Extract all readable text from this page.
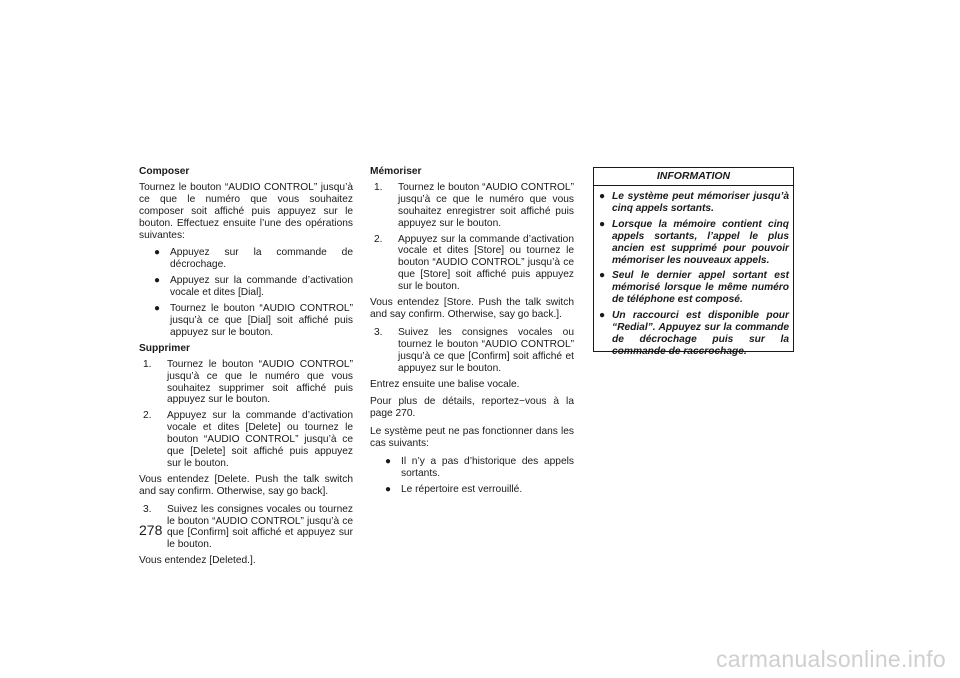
Composer

Tournez le bouton “AUDIO CONTROL” jusqu’à ce que le numéro que vous souhaitez composer soit affiché puis appuyez sur le bouton. Effectuez ensuite l’une des opérations suivantes:

● Appuyez sur la commande de décrochage.
● Appuyez sur la commande d’activation vocale et dites [Dial].
● Tournez le bouton “AUDIO CONTROL” jusqu’à ce que [Dial] soit affiché puis appuyez sur le bouton.
Supprimer
1. Tournez le bouton “AUDIO CONTROL” jusqu’à ce que le numéro que vous souhaitez supprimer soit affiché puis appuyez sur le bouton.
2. Appuyez sur la commande d’activation vocale et dites [Delete] ou tournez le bouton “AUDIO CONTROL” jusqu’à ce que [Delete] soit affiché puis appuyez sur le bouton.

Vous entendez [Delete. Push the talk switch and say confirm. Otherwise, say go back].

3. Suivez les consignes vocales ou tournez le bouton “AUDIO CONTROL” jusqu’à ce que [Confirm] soit affiché et appuyez sur le bouton.

Vous entendez [Deleted.].

Mémoriser
1. Tournez le bouton “AUDIO CONTROL” jusqu’à ce que le numéro que vous souhaitez enregistrer soit affiché puis appuyez sur le bouton.
2. Appuyez sur la commande d’activation vocale et dites [Store] ou tournez le bouton “AUDIO CONTROL” jusqu’à ce que [Store] soit affiché puis appuyez sur le bouton.

Vous entendez [Store. Push the talk switch and say confirm. Otherwise, say go back.].

3. Suivez les consignes vocales ou tournez le bouton “AUDIO CONTROL” jusqu’à ce que [Confirm] soit affiché et appuyez sur le bouton.

Entrez ensuite une balise vocale.

Pour plus de détails, reportez−vous à la page 270.

Le système peut ne pas fonctionner dans les cas suivants:

● Il n’y a pas d’historique des appels sortants.
● Le répertoire est verrouillé.
INFORMATION
● Le système peut mémoriser jusqu’à cinq appels sortants.
● Lorsque la mémoire contient cinq appels sortants, l’appel le plus ancien est supprimé pour pouvoir mémoriser les nouveaux appels.
● Seul le dernier appel sortant est mémorisé lorsque le même numéro de téléphone est composé.
● Un raccourci est disponible pour “Redial”. Appuyez sur la commande de décrochage puis sur la commande de raccrochage.
278
carmanualsonline.info
